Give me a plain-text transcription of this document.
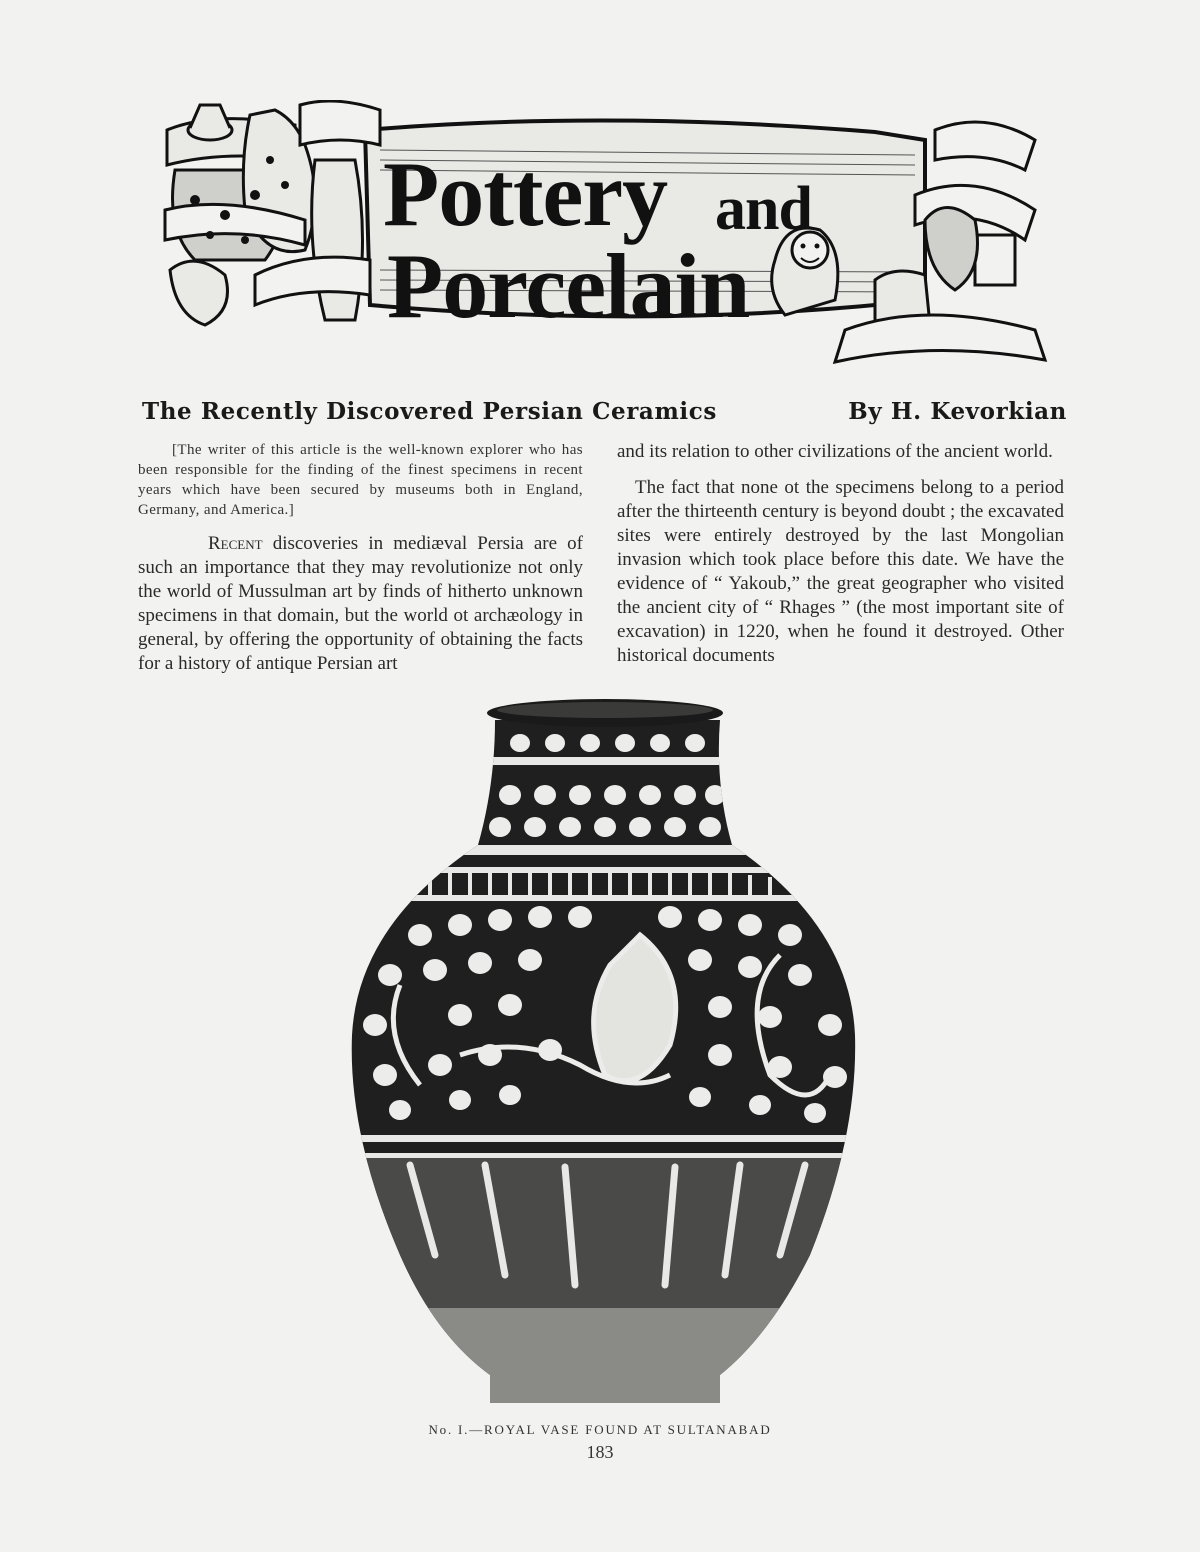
Pottery and
Porcelain
The Recently Discovered Persian Ceramics	By H. Kevorkian

[The writer of this article is the well-known explorer who has been responsible for the finding of the finest specimens in recent years which have been secured by museums both in England, Germany, and America.]

Recent discoveries in mediæval Persia are of such an importance that they may revolutionize not only the world of Mussulman art by finds of hitherto unknown specimens in that domain, but the world ot archæology in general, by offering the opportunity of obtaining the facts for a history of antique Persian art

and its relation to other civilizations of the ancient world.

The fact that none ot the specimens belong to a period after the thirteenth century is beyond doubt ; the excavated sites were entirely destroyed by the last Mongolian invasion which took place before this date. We have the evidence of “ Yakoub,” the great geographer who visited the ancient city of “ Rhages ” (the most important site of excavation) in 1220, when he found it destroyed. Other historical documents

No. I.—ROYAL VASE FOUND AT SULTANABAD
183
